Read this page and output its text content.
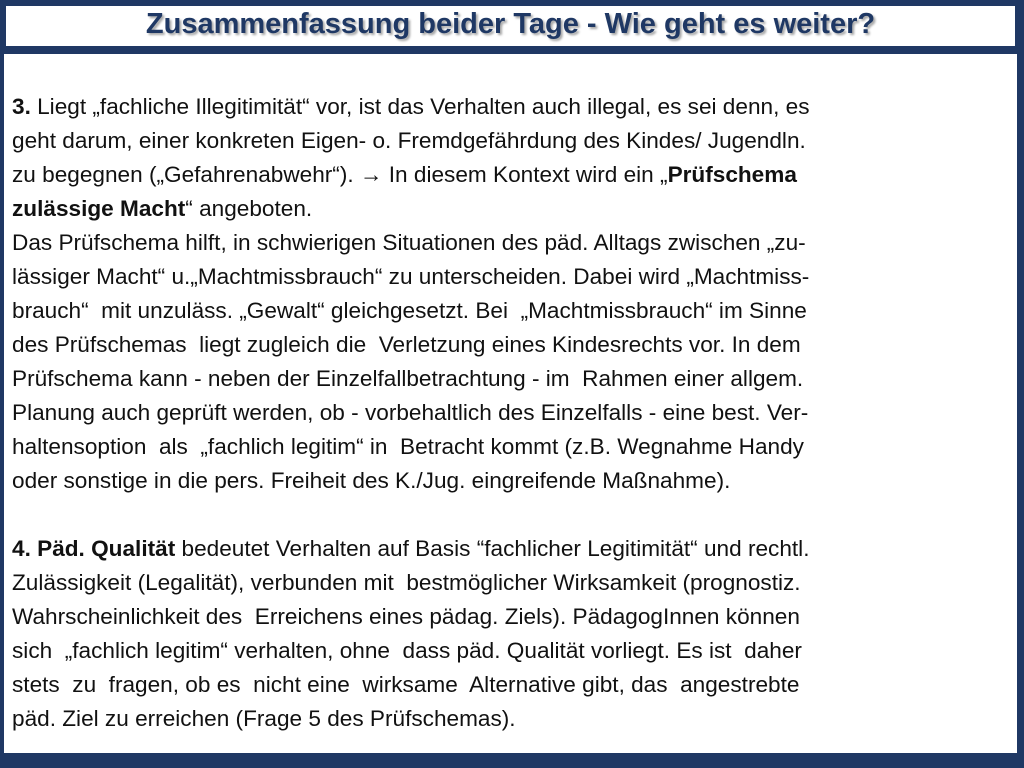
Zusammenfassung beider Tage - Wie geht es weiter?
3. Liegt „fachliche Illegitimität“ vor, ist das Verhalten auch illegal, es sei denn, es
geht darum, einer konkreten Eigen- o. Fremdgefährdung des Kindes/ Jugendln.
zu begegnen („Gefahrenabwehr“). → In diesem Kontext wird ein „Prüfschema
zulässige Macht“ angeboten.
Das Prüfschema hilft, in schwierigen Situationen des päd. Alltags zwischen „zu-
lässiger Macht“ u.„Machtmissbrauch“ zu unterscheiden. Dabei wird „Machtmiss-
brauch“  mit unzuläss. „Gewalt“ gleichgesetzt. Bei  „Machtmissbrauch“ im Sinne
des Prüfschemas  liegt zugleich die  Verletzung eines Kindesrechts vor. In dem
Prüfschema kann - neben der Einzelfallbetrachtung - im  Rahmen einer allgem.
Planung auch geprüft werden, ob - vorbehaltlich des Einzelfalls - eine best. Ver-
haltensoption  als  „fachlich legitim“ in  Betracht kommt (z.B. Wegnahme Handy
oder sonstige in die pers. Freiheit des K./Jug. eingreifende Maßnahme).
4. Päd. Qualität bedeutet Verhalten auf Basis “fachlicher Legitimität“ und rechtl.
Zulässigkeit (Legalität), verbunden mit  bestmöglicher Wirksamkeit (prognostiz.
Wahrscheinlichkeit des  Erreichens eines pädag. Ziels). PädagogInnen können
sich  „fachlich legitim“ verhalten, ohne  dass päd. Qualität vorliegt. Es ist  daher
stets  zu  fragen, ob es  nicht eine  wirksame  Alternative gibt, das  angestrebte
päd. Ziel zu erreichen (Frage 5 des Prüfschemas).
